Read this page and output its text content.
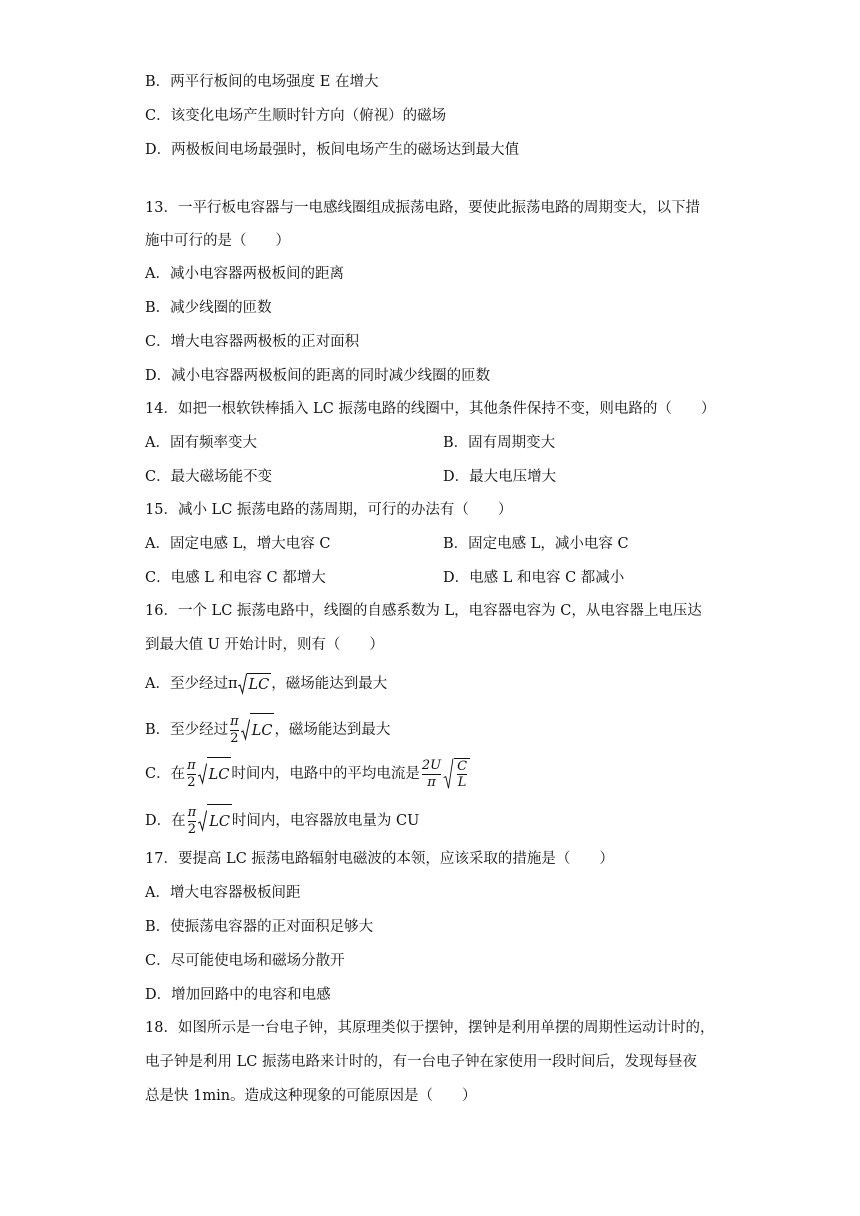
B．两平行板间的电场强度 E 在增大
C．该变化电场产生顺时针方向（俯视）的磁场
D．两极板间电场最强时，板间电场产生的磁场达到最大值
13．一平行板电容器与一电感线圈组成振荡电路，要使此振荡电路的周期变大，以下措
施中可行的是（　　）
A．减小电容器两极板间的距离
B．减少线圈的匝数
C．增大电容器两极板的正对面积
D．减小电容器两极板间的距离的同时减少线圈的匝数
14．如把一根软铁棒插入 LC 振荡电路的线圈中，其他条件保持不变，则电路的（　　）
A．固有频率变大	B．固有周期变大
C．最大磁场能不变	D．最大电压增大
15．减小 LC 振荡电路的荡周期，可行的办法有（　　）
A．固定电感 L，增大电容 C	B．固定电感 L，减小电容 C
C．电感 L 和电容 C 都增大	D．电感 L 和电容 C 都减小
16．一个 LC 振荡电路中，线圈的自感系数为 L，电容器电容为 C，从电容器上电压达
到最大值 U 开始计时，则有（　　）
A．至少经过π LC ，磁场能达到最大
B．至少经过 $\frac{\pi}{2}$ LC ，磁场能达到最大
C．在 $\frac{\pi}{2}$ LC 时间内，电路中的平均电流是 $\frac{2U}{\pi} \frac{C}{L}$
D．在 $\frac{\pi}{2}$ LC 时间内，电容器放电量为 CU
17．要提高 LC 振荡电路辐射电磁波的本领，应该采取的措施是（　　）
A．增大电容器极板间距
B．使振荡电容器的正对面积足够大
C．尽可能使电场和磁场分散开
D．增加回路中的电容和电感
18．如图所示是一台电子钟，其原理类似于摆钟，摆钟是利用单摆的周期性运动计时的，
电子钟是利用 LC 振荡电路来计时的，有一台电子钟在家使用一段时间后，发现每昼夜
总是快 1min。造成这种现象的可能原因是（　　）
